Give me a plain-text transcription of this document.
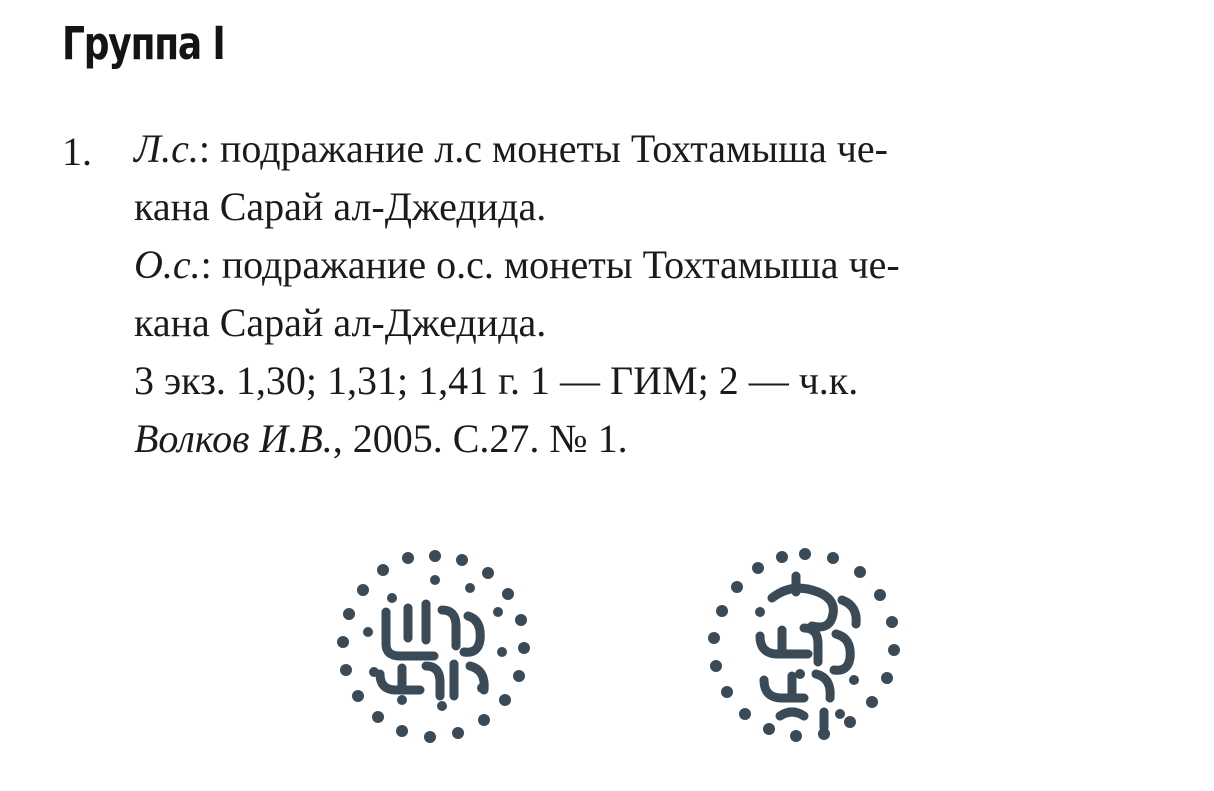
Группа I
1. Л.с.: подражание л.с монеты Тохтамыша че-
кана Сарай ал-Джедида.
О.с.: подражание о.с. монеты Тохтамыша че-
кана Сарай ал-Джедида.
3 экз. 1,30; 1,31; 1,41 г. 1 — ГИМ; 2 — ч.к.
Волков И.В., 2005. С.27. № 1.
